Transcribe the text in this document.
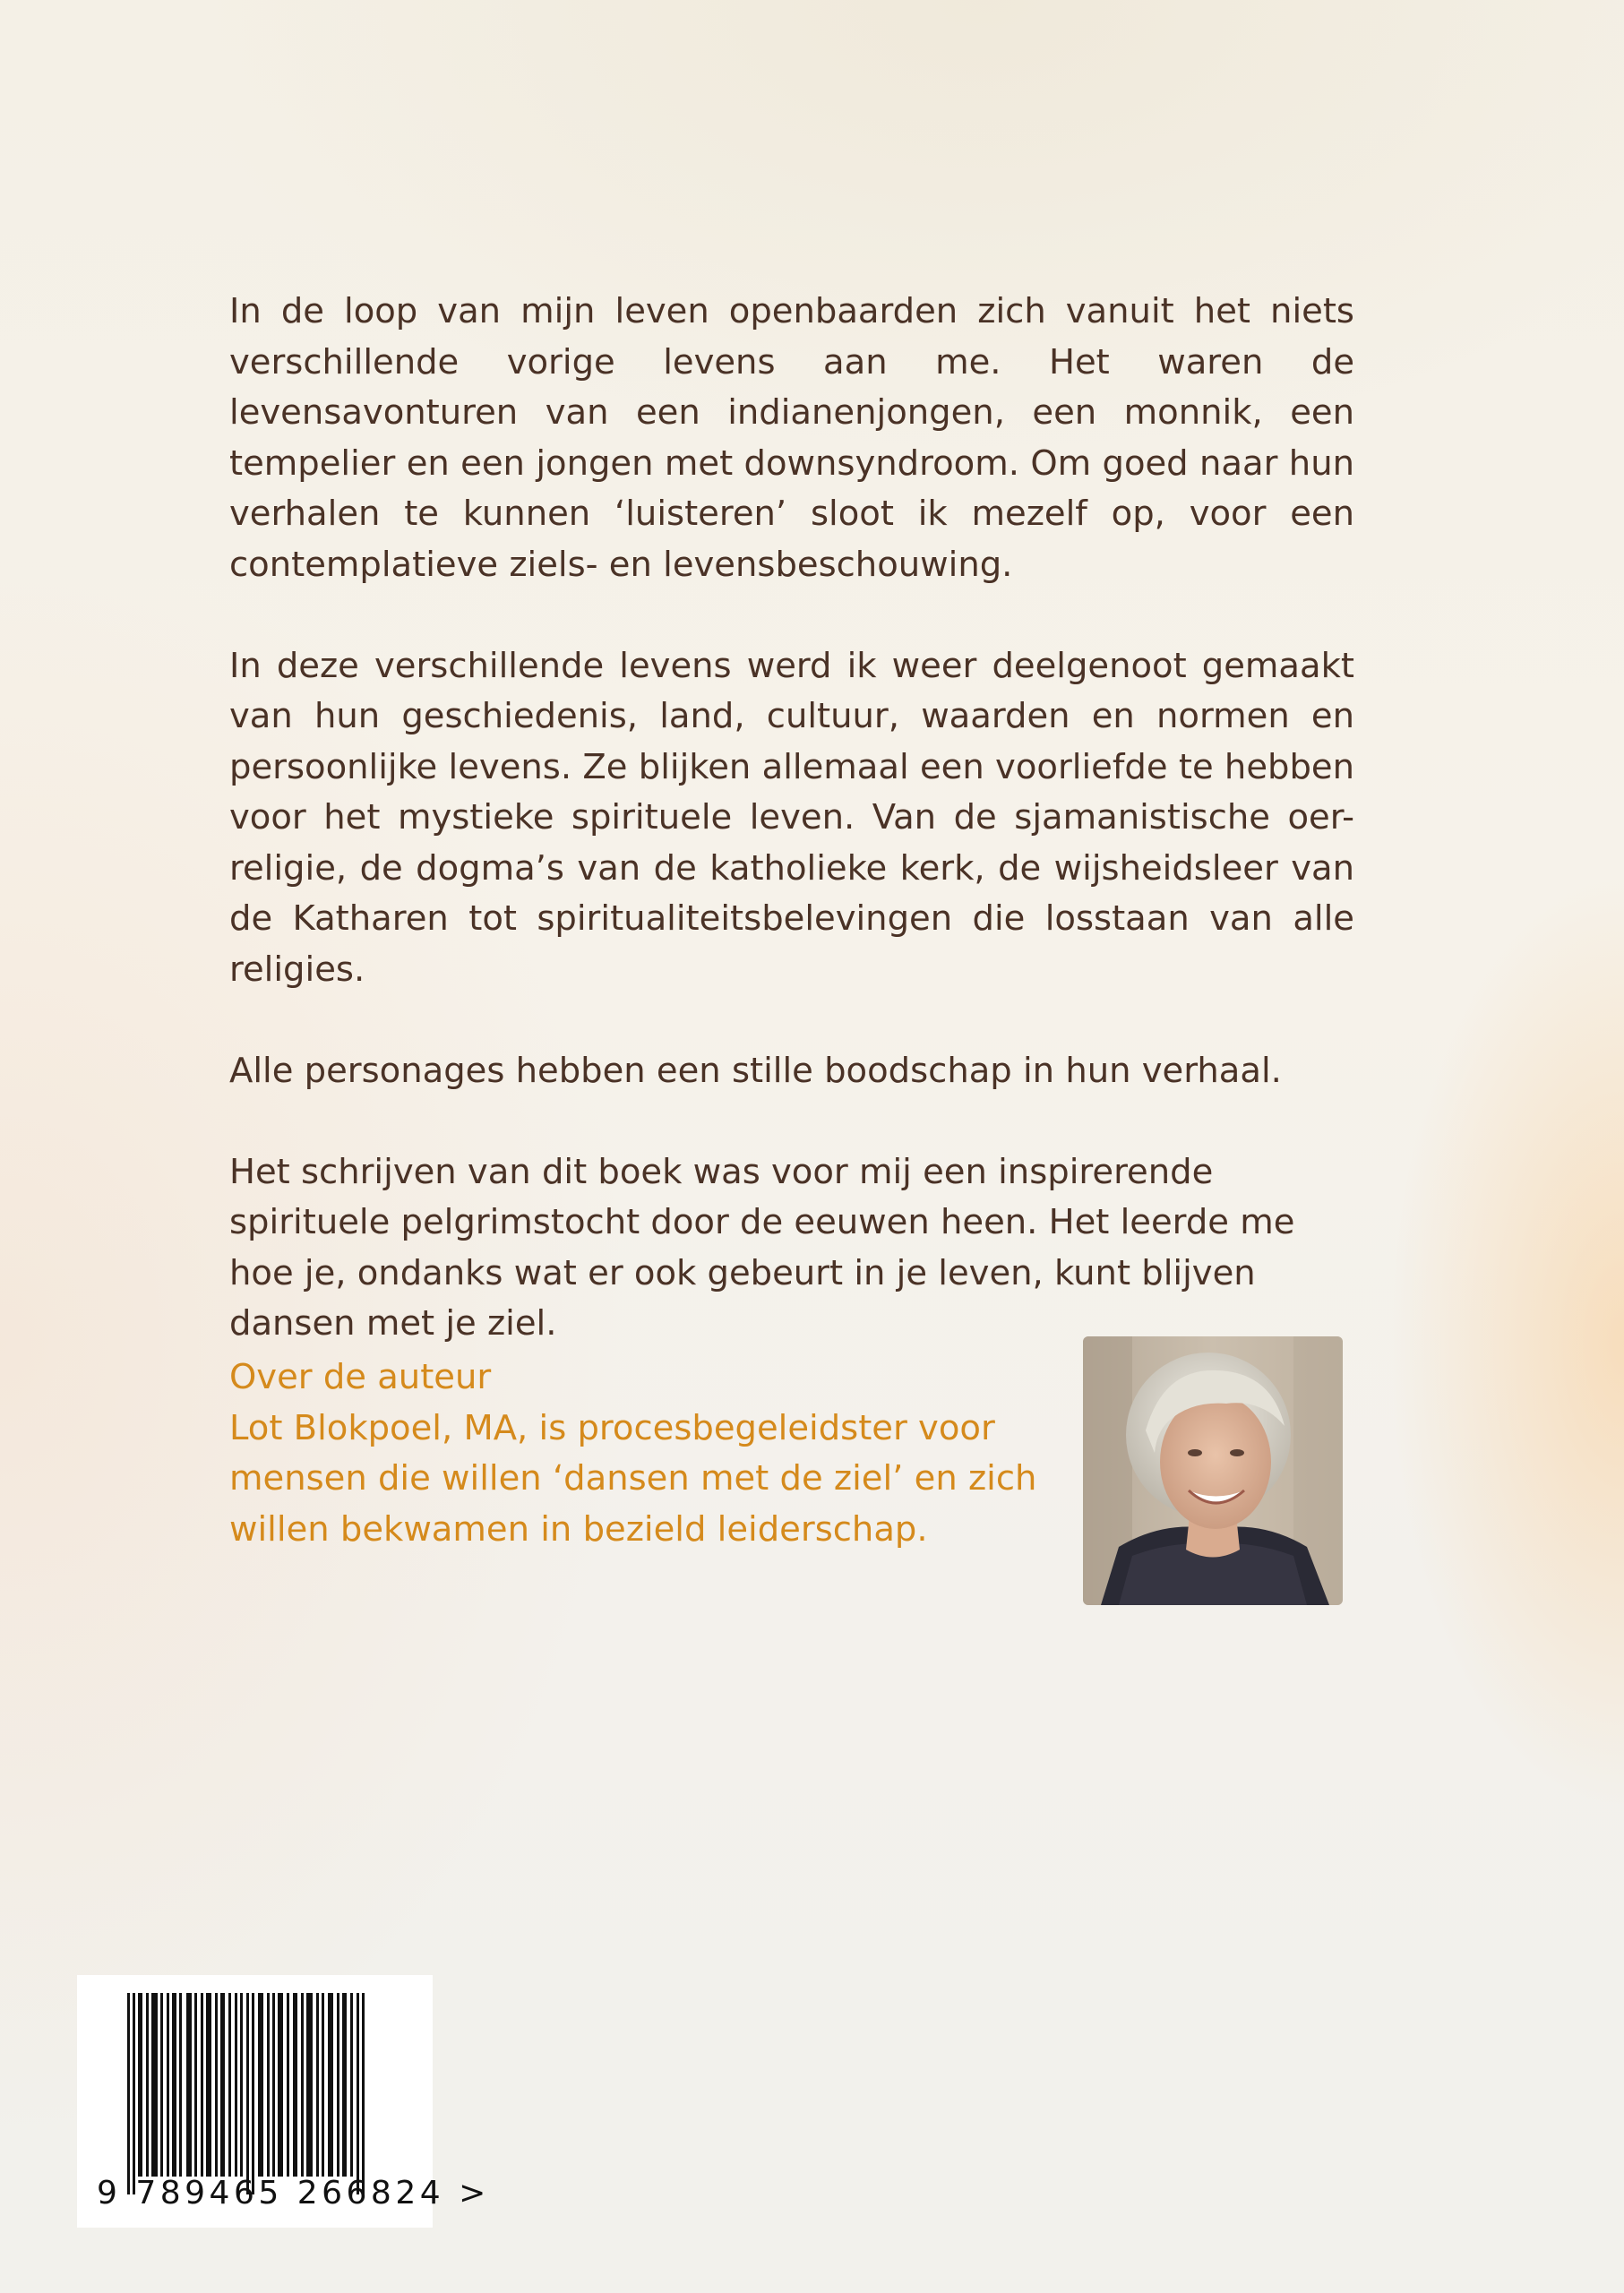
In de loop van mijn leven openbaarden zich vanuit het niets verschillende vorige levens aan me. Het waren de levensavonturen van een indianenjongen, een monnik, een tempelier en een jongen met downsyndroom. Om goed naar hun verhalen te kunnen ‘luisteren’ sloot ik mezelf op, voor een contemplatieve ziels- en levensbeschouwing.

In deze verschillende levens werd ik weer deelgenoot gemaakt van hun geschiedenis, land, cultuur, waarden en normen en persoonlijke levens. Ze blijken allemaal een voorliefde te hebben voor het mystieke spirituele leven. Van de sjamanistische oer-religie, de dogma’s van de katholieke kerk, de wijsheidsleer van de Katharen tot spiritualiteitsbelevingen die losstaan van alle religies.

Alle personages hebben een stille boodschap in hun verhaal.

Het schrijven van dit boek was voor mij een inspirerende spirituele pelgrimstocht door de eeuwen heen. Het leerde me hoe je, ondanks wat er ook gebeurt in je leven, kunt blijven dansen met je ziel.

Over de auteur

Lot Blokpoel, MA, is procesbegeleidster voor mensen die willen ‘dansen met de ziel’ en zich willen bekwamen in bezield leiderschap.

9 789465 266824 >
